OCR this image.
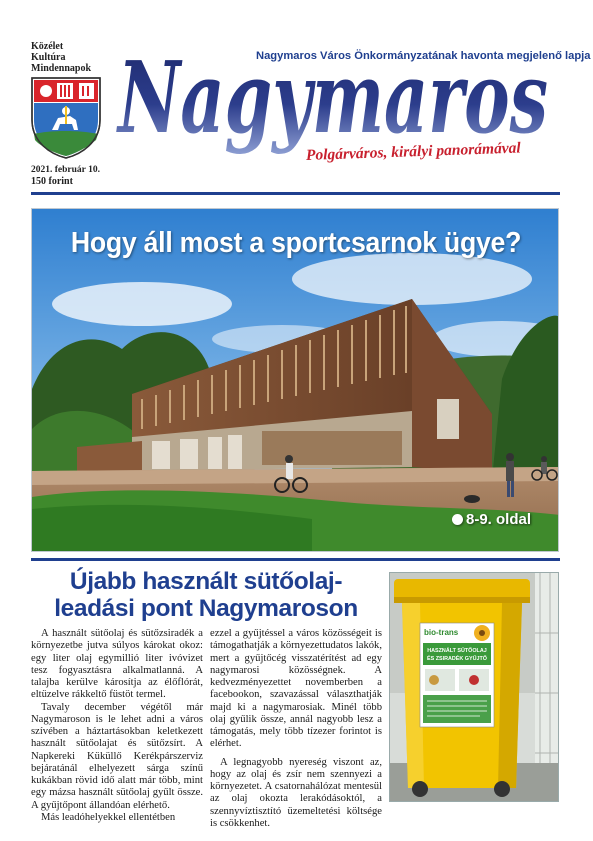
Közélet
Kultúra
Mindennapok
2021. február 10.
150 forint
Nagymaros Város Önkormányzatának havonta megjelenő lapja
Nagymaros
Polgárváros, királyi panorámával
Hogy áll most a sportcsarnok ügye?
8-9. oldal
Újabb használt sütőolaj-leadási pont Nagymaroson

A használt sütőolaj és sütőzsiradék a környezetbe jutva súlyos károkat okoz: egy liter olaj egymillió liter ivóvizet tesz fogyasztásra alkalmatlanná. A talajba kerülve károsítja az élőflórát, eltüzelve rákkeltő füstöt termel.

Tavaly december végétől már Nagymaroson is le lehet adni a város szívében a háztartásokban keletkezett használt sütőolajat és sütőzsírt. A Napkereki Küküllő Kerékpárszerviz bejáratánál elhelyezett sárga színű kukákban rövid idő alatt már több, mint egy mázsa használt sütőolaj gyűlt össze. A gyűjtőpont állandóan elérhető.

Más leadóhelyekkel ellentétben

ezzel a gyűjtéssel a város közösségeit is támogathatják a környezettudatos lakók, mert a gyűjtőcég visszatérítést ad egy nagymarosi közösségnek. A kedvezményezettet novemberben a facebookon, szavazással választhatják majd ki a nagymarosiak. Minél több olaj gyűlik össze, annál nagyobb lesz a támogatás, mely több tízezer forintot is elérhet.

A legnagyobb nyereség viszont az, hogy az olaj és zsír nem szennyezi a környezetet. A csatornahálózat mentesül az olaj okozta lerakódásoktól, a szennyvíztisztító üzemeltetési költsége is csökkenhet.

bio-trans
HASZNÁLT SÜTŐOLAJ
ÉS ZSIRADÉK GYŰJTŐ
